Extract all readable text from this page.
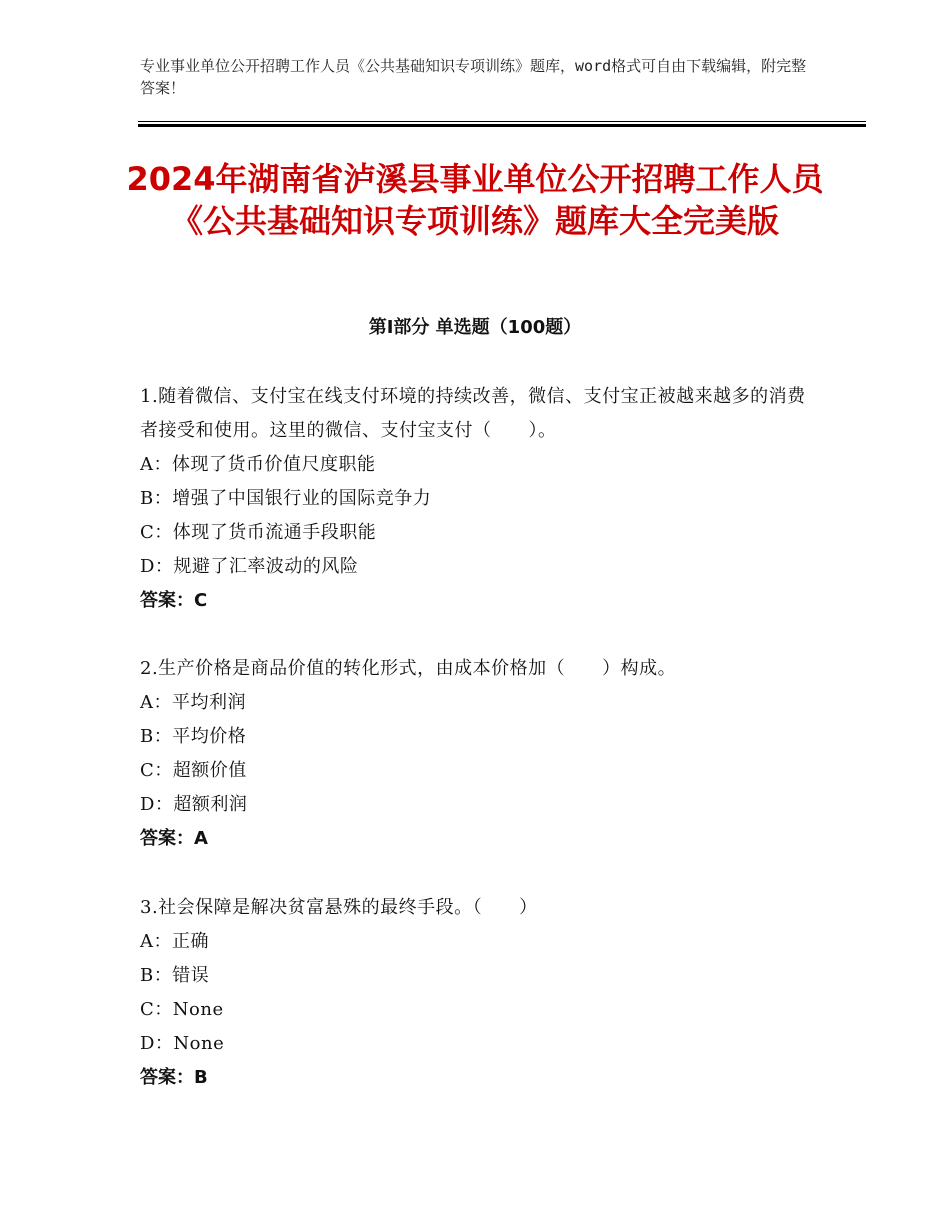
专业事业单位公开招聘工作人员《公共基础知识专项训练》题库，word格式可自由下载编辑，附完整答案！
2024年湖南省泸溪县事业单位公开招聘工作人员《公共基础知识专项训练》题库大全完美版
第Ⅰ部分 单选题（100题）
1.随着微信、支付宝在线支付环境的持续改善，微信、支付宝正被越来越多的消费者接受和使用。这里的微信、支付宝支付（　　）。
A：体现了货币价值尺度职能
B：增强了中国银行业的国际竞争力
C：体现了货币流通手段职能
D：规避了汇率波动的风险
答案：C
2.生产价格是商品价值的转化形式，由成本价格加（　　）构成。
A：平均利润
B：平均价格
C：超额价值
D：超额利润
答案：A
3.社会保障是解决贫富悬殊的最终手段。（　　）
A：正确
B：错误
C：None
D：None
答案：B
